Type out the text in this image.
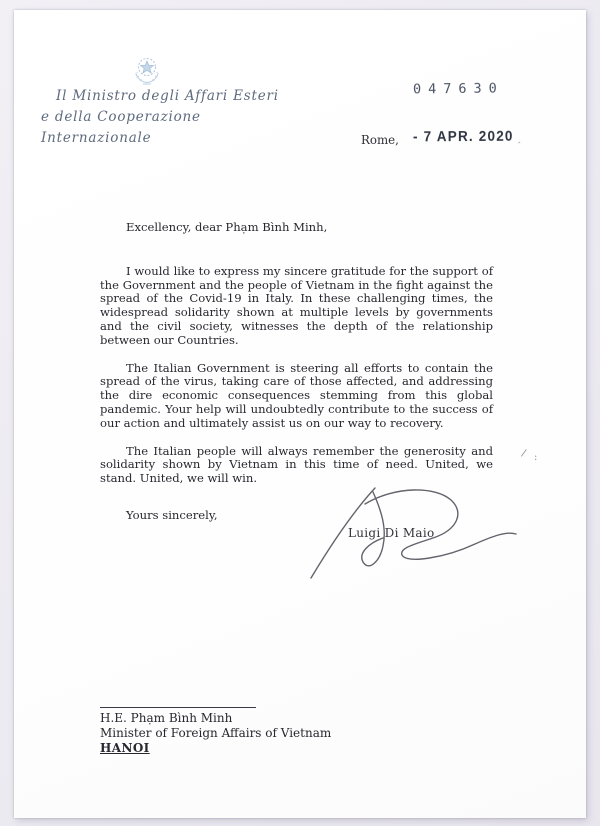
Il Ministro degli Affari Esteri
e della Cooperazione Internazionale
047630
Rome, - 7 APR. 2020

Excellency, dear Phạm Bình Minh,

I would like to express my sincere gratitude for the support of the Government and the people of Vietnam in the fight against the spread of the Covid-19 in Italy. In these challenging times, the widespread solidarity shown at multiple levels by governments and the civil society, witnesses the depth of the relationship between our Countries.

The Italian Government is steering all efforts to contain the spread of the virus, taking care of those affected, and addressing the dire economic consequences stemming from this global pandemic. Your help will undoubtedly contribute to the success of our action and ultimately assist us on our way to recovery.

The Italian people will always remember the generosity and solidarity shown by Vietnam in this time of need. United, we stand. United, we will win.

Yours sincerely,

Luigi Di Maio
H.E. Phạm Bình Minh
Minister of Foreign Affairs of Vietnam
HANOI
/ :
,
